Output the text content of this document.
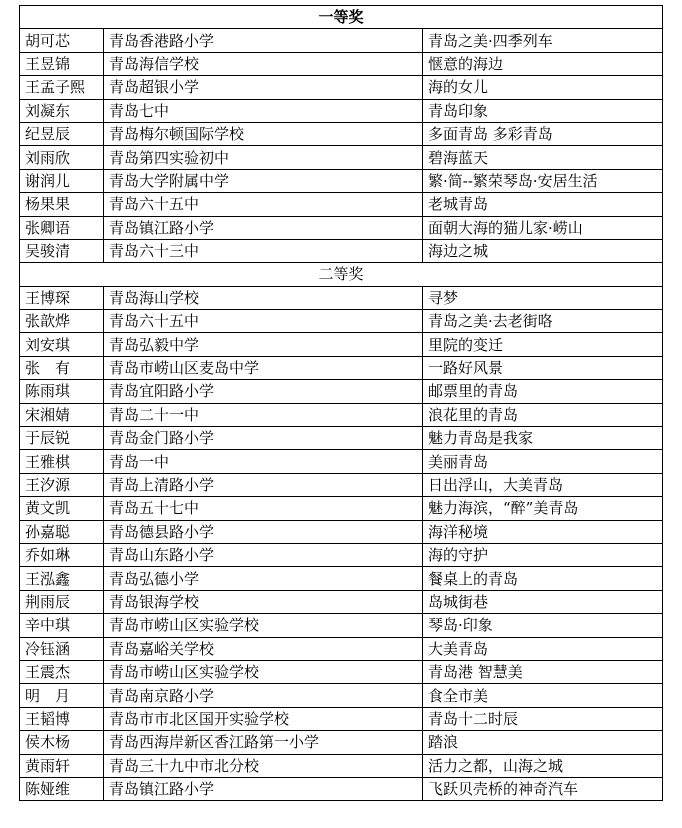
一等奖		
胡可芯	青岛香港路小学	青岛之美·四季列车
王昱锦	青岛海信学校	惬意的海边
王孟子熙	青岛超银小学	海的女儿
刘凝东	青岛七中	青岛印象
纪昱辰	青岛梅尔顿国际学校	多面青岛 多彩青岛
刘雨欣	青岛第四实验初中	碧海蓝天
谢润儿	青岛大学附属中学	繁·简--繁荣琴岛·安居生活
杨果果	青岛六十五中	老城青岛
张卿语	青岛镇江路小学	面朝大海的猫儿家·崂山
吴骏清	青岛六十三中	海边之城
二等奖		
王博琛	青岛海山学校	寻梦
张歆烨	青岛六十五中	青岛之美·去老街咯
刘安琪	青岛弘毅中学	里院的变迁
张　有	青岛市崂山区麦岛中学	一路好风景
陈雨琪	青岛宜阳路小学	邮票里的青岛
宋湘婧	青岛二十一中	浪花里的青岛
于辰锐	青岛金门路小学	魅力青岛是我家
王雅棋	青岛一中	美丽青岛
王汐源	青岛上清路小学	日出浮山，大美青岛
黄文凯	青岛五十七中	魅力海滨，“醉”美青岛
孙嘉聪	青岛德县路小学	海洋秘境
乔如琳	青岛山东路小学	海的守护
王泓鑫	青岛弘德小学	餐桌上的青岛
荆雨辰	青岛银海学校	岛城街巷
辛中琪	青岛市崂山区实验学校	琴岛·印象
冷钰涵	青岛嘉峪关学校	大美青岛
王震杰	青岛市崂山区实验学校	青岛港 智慧美
明　月	青岛南京路小学	食全市美
王韬博	青岛市市北区国开实验学校	青岛十二时辰
侯木杨	青岛西海岸新区香江路第一小学	踏浪
黄雨轩	青岛三十九中市北分校	活力之都，山海之城
陈娅维	青岛镇江路小学	飞跃贝壳桥的神奇汽车
